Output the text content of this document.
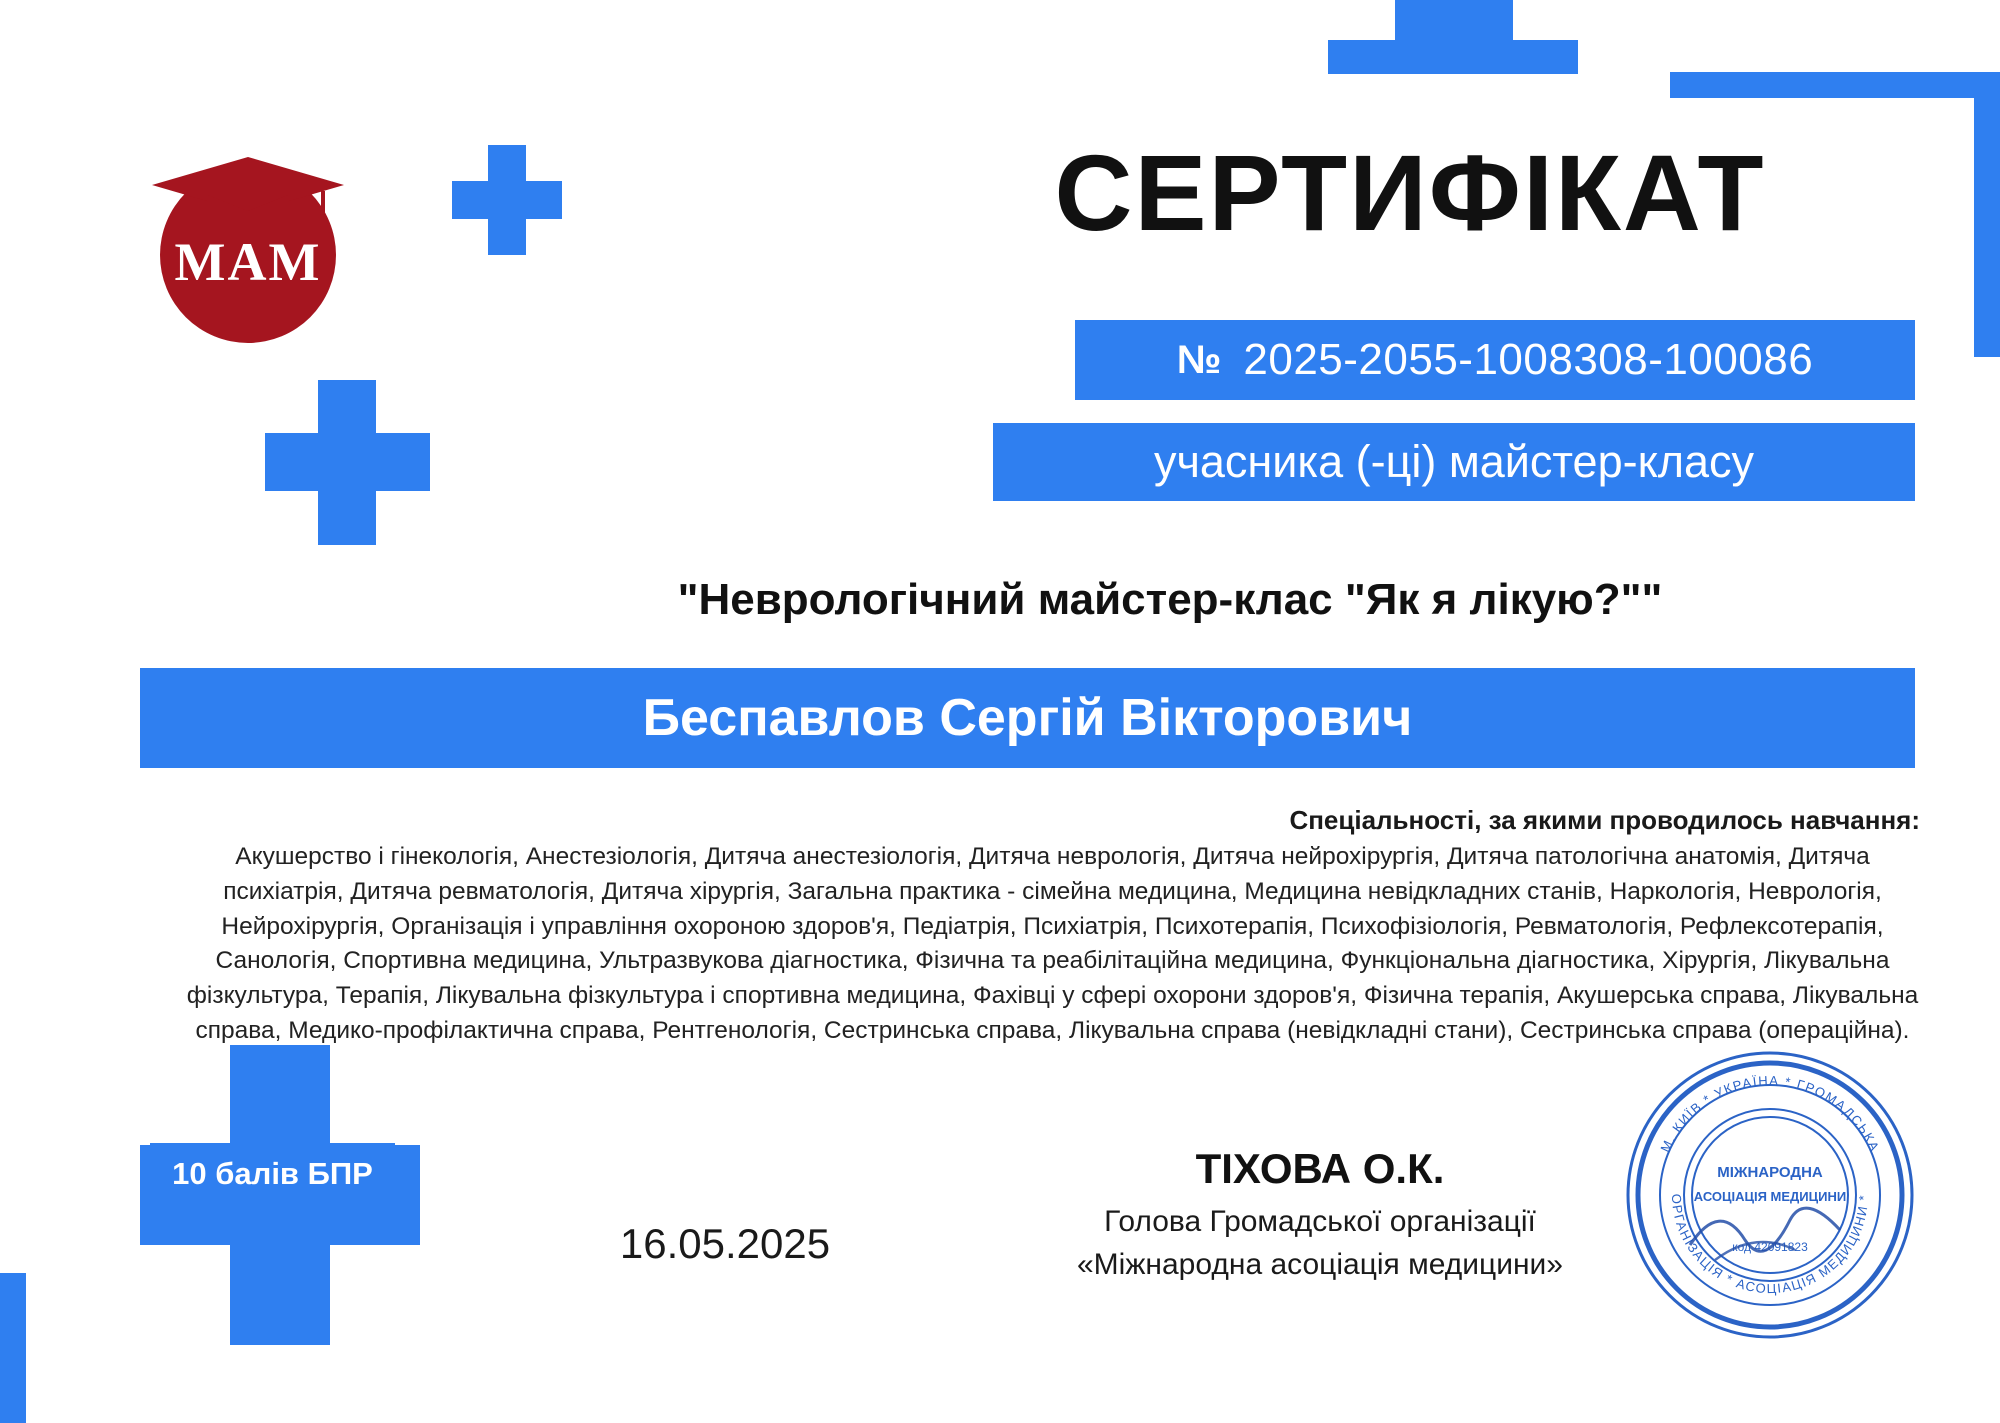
МАМ
СЕРТИФІКАТ
№ 2025-2055-1008308-100086
учасника (-ці) майстер-класу
"Неврологічний майстер-клас "Як я лікую?""
Беспавлов Сергій Вікторович
Спеціальності, за якими проводилось навчання:
Акушерство і гінекологія, Анестезіологія, Дитяча анестезіологія, Дитяча неврологія, Дитяча нейрохірургія, Дитяча патологічна анатомія, Дитяча психіатрія, Дитяча ревматологія, Дитяча хірургія, Загальна практика - сімейна медицина, Медицина невідкладних станів, Наркологія, Неврологія, Нейрохірургія, Організація і управління охороною здоров'я, Педіатрія, Психіатрія, Психотерапія, Психофізіологія, Ревматологія, Рефлексотерапія, Санологія, Спортивна медицина, Ультразвукова діагностика, Фізична та реабілітаційна медицина, Функціональна діагностика, Хірургія, Лікувальна фізкультура, Терапія, Лікувальна фізкультура і спортивна медицина, Фахівці у сфері охорони здоров'я, Фізична терапія, Акушерська справа, Лікувальна справа, Медико-профілактична справа, Рентгенологія, Сестринська справа, Лікувальна справа (невідкладні стани), Сестринська справа (операційна).
10 балів БПР
16.05.2025
ТІХОВА О.К.
Голова Громадської організації
«Міжнародна асоціація медицини»
М. КИЇВ * УКРАЇНА * ГРОМАДСЬКА
ОРГАНІЗАЦІЯ * АСОЦІАЦІЯ МЕДИЦИНИ *
МІЖНАРОДНА
АСОЦІАЦІЯ МЕДИЦИНИ
код 42091823
